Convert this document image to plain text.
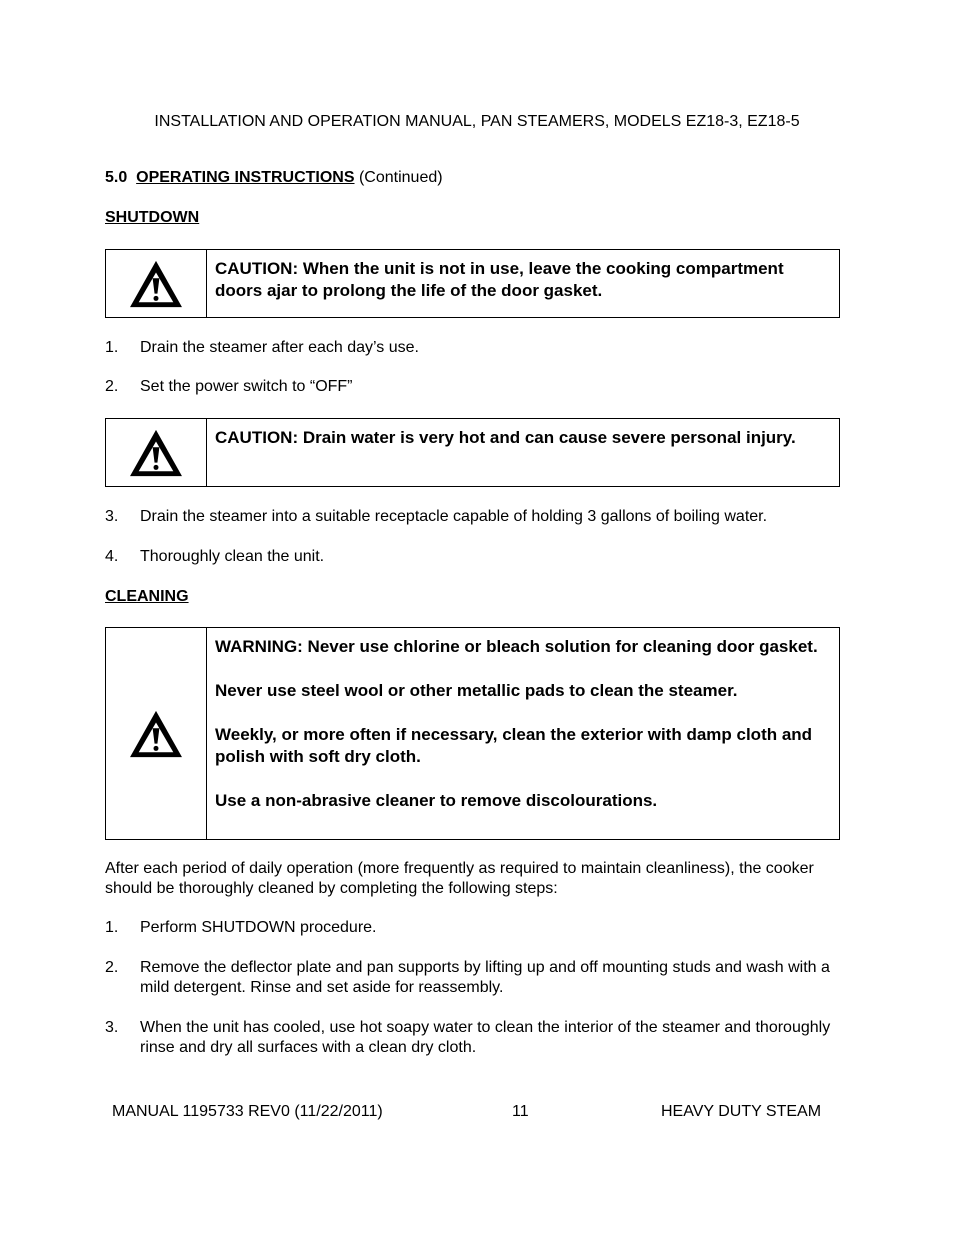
INSTALLATION AND OPERATION MANUAL, PAN STEAMERS, MODELS EZ18-3, EZ18-5
5.0 OPERATING INSTRUCTIONS (Continued)
SHUTDOWN

CAUTION: When the unit is not in use, leave the cooking compartment doors ajar to prolong the life of the door gasket.

1. Drain the steamer after each day’s use.
2. Set the power switch to “OFF”

CAUTION: Drain water is very hot and can cause severe personal injury.

3. Drain the steamer into a suitable receptacle capable of holding 3 gallons of boiling water.
4. Thoroughly clean the unit.
CLEANING

WARNING: Never use chlorine or bleach solution for cleaning door gasket.

Never use steel wool or other metallic pads to clean the steamer.

Weekly, or more often if necessary, clean the exterior with damp cloth and polish with soft dry cloth.

Use a non-abrasive cleaner to remove discolourations.

After each period of daily operation (more frequently as required to maintain cleanliness), the cooker should be thoroughly cleaned by completing the following steps:
1. Perform SHUTDOWN procedure.
2. Remove the deflector plate and pan supports by lifting up and off mounting studs and wash with a mild detergent. Rinse and set aside for reassembly.
3. When the unit has cooled, use hot soapy water to clean the interior of the steamer and thoroughly rinse and dry all surfaces with a clean dry cloth.
MANUAL 1195733 REV0 (11/22/2011)	11	HEAVY DUTY STEAM
